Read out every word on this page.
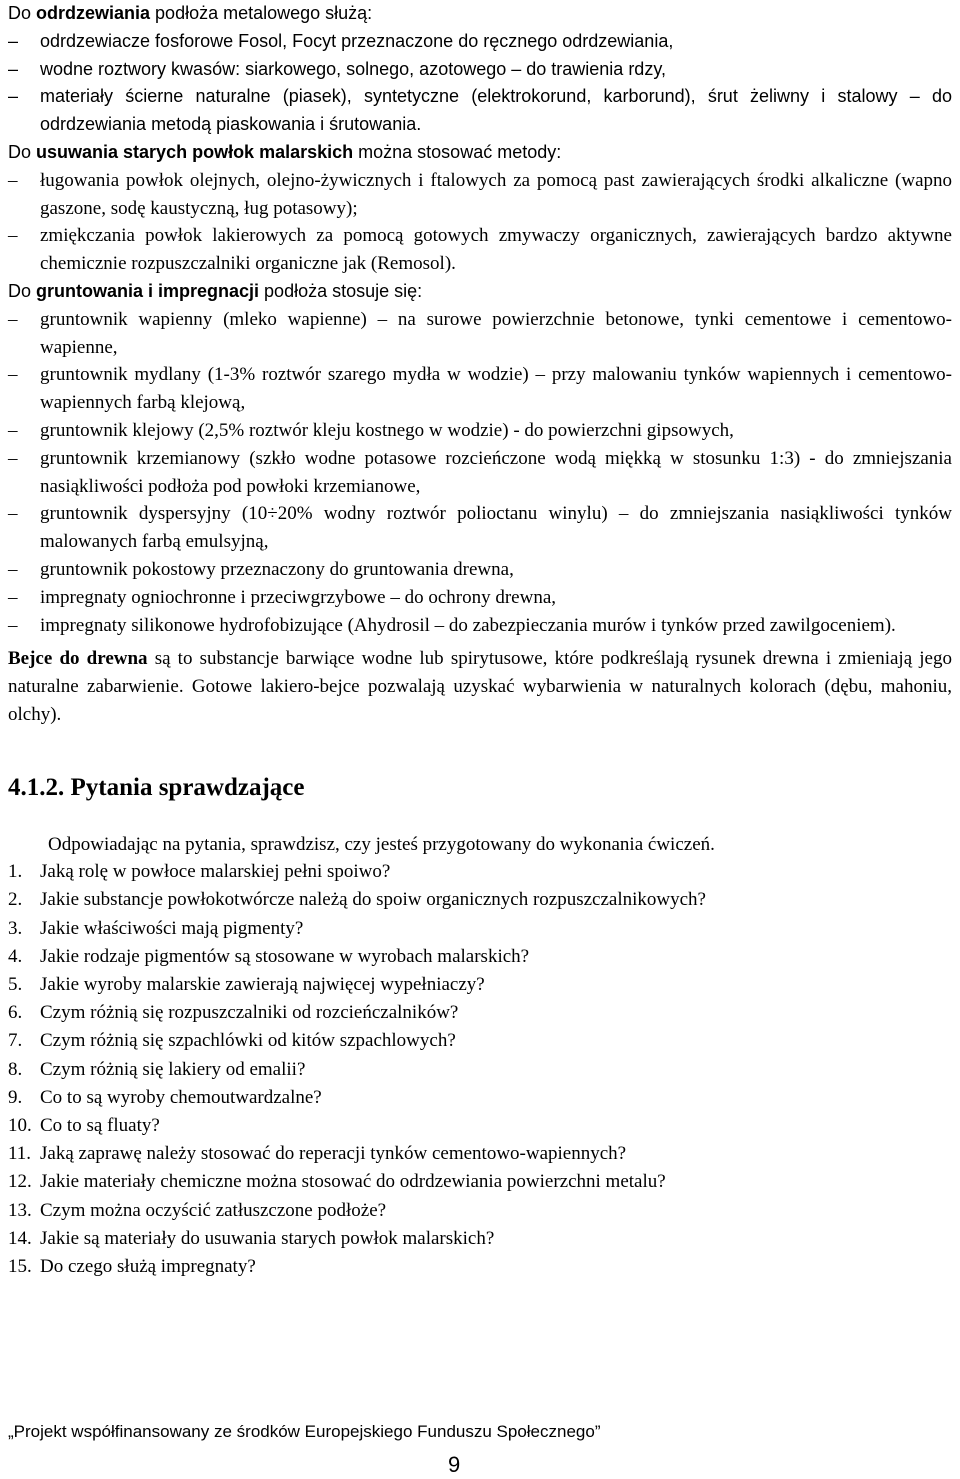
Do odrdzewiania podłoża metalowego służą:

– odrdzewiacze fosforowe Fosol, Focyt przeznaczone do ręcznego odrdzewiania,
– wodne roztwory kwasów: siarkowego, solnego, azotowego – do trawienia rdzy,
– materiały ścierne naturalne (piasek), syntetyczne (elektrokorund, karborund), śrut żeliwny i stalowy – do odrdzewiania metodą piaskowania i śrutowania.

Do usuwania starych powłok malarskich można stosować metody:

– ługowania powłok olejnych, olejno-żywicznych i ftalowych za pomocą past zawierających środki alkaliczne (wapno gaszone, sodę kaustyczną, ług potasowy);
– zmiękczania powłok lakierowych za pomocą gotowych zmywaczy organicznych, zawierających bardzo aktywne chemicznie rozpuszczalniki organiczne jak (Remosol).

Do gruntowania i impregnacji podłoża stosuje się:

– gruntownik wapienny (mleko wapienne) – na surowe powierzchnie betonowe, tynki cementowe i cementowo-wapienne,
– gruntownik mydlany (1-3% roztwór szarego mydła w wodzie) – przy malowaniu tynków wapiennych i cementowo-wapiennych farbą klejową,
– gruntownik klejowy (2,5% roztwór kleju kostnego w wodzie) - do powierzchni gipsowych,
– gruntownik krzemianowy (szkło wodne potasowe rozcieńczone wodą miękką w stosunku 1:3) - do zmniejszania nasiąkliwości podłoża pod powłoki krzemianowe,
– gruntownik dyspersyjny (10÷20% wodny roztwór polioctanu winylu) – do zmniejszania nasiąkliwości tynków malowanych farbą emulsyjną,
– gruntownik pokostowy przeznaczony do gruntowania drewna,
– impregnaty ogniochronne i przeciwgrzybowe – do ochrony drewna,
– impregnaty silikonowe hydrofobizujące (Ahydrosil – do zabezpieczania murów i tynków przed zawilgoceniem).

Bejce do drewna są to substancje barwiące wodne lub spirytusowe, które podkreślają rysunek drewna i zmieniają jego naturalne zabarwienie. Gotowe lakiero-bejce pozwalają uzyskać wybarwienia w naturalnych kolorach (dębu, mahoniu, olchy).

4.1.2. Pytania sprawdzające

Odpowiadając na pytania, sprawdzisz, czy jesteś przygotowany do wykonania ćwiczeń.

1. Jaką rolę w powłoce malarskiej pełni spoiwo?
2. Jakie substancje powłokotwórcze należą do spoiw organicznych rozpuszczalnikowych?
3. Jakie właściwości mają pigmenty?
4. Jakie rodzaje pigmentów są stosowane w wyrobach malarskich?
5. Jakie wyroby malarskie zawierają najwięcej wypełniaczy?
6. Czym różnią się rozpuszczalniki od rozcieńczalników?
7. Czym różnią się szpachlówki od kitów szpachlowych?
8. Czym różnią się lakiery od emalii?
9. Co to są wyroby chemoutwardzalne?
10. Co to są fluaty?
11. Jaką zaprawę należy stosować do reperacji tynków cementowo-wapiennych?
12. Jakie materiały chemiczne można stosować do odrdzewiania powierzchni metalu?
13. Czym można oczyścić zatłuszczone podłoże?
14. Jakie są materiały do usuwania starych powłok malarskich?
15. Do czego służą impregnaty?
„Projekt współfinansowany ze środków Europejskiego Funduszu Społecznego”
9
